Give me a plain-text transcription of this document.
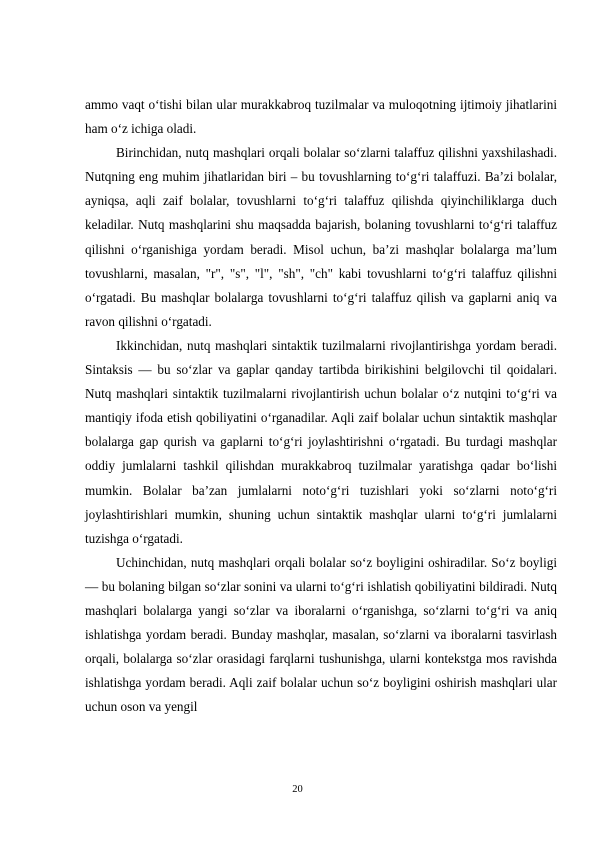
ammo vaqt o‘tishi bilan ular murakkabroq tuzilmalar va muloqotning ijtimoiy jihatlarini ham o‘z ichiga oladi.

Birinchidan, nutq mashqlari orqali bolalar so‘zlarni talaffuz qilishni yaxshilashadi. Nutqning eng muhim jihatlaridan biri – bu tovushlarning to‘g‘ri talaffuzi. Ba’zi bolalar, ayniqsa, aqli zaif bolalar, tovushlarni to‘g‘ri talaffuz qilishda qiyinchiliklarga duch keladilar. Nutq mashqlarini shu maqsadda bajarish, bolaning tovushlarni to‘g‘ri talaffuz qilishni o‘rganishiga yordam beradi. Misol uchun, ba’zi mashqlar bolalarga ma’lum tovushlarni, masalan, "r", "s", "l", "sh", "ch" kabi tovushlarni to‘g‘ri talaffuz qilishni o‘rgatadi. Bu mashqlar bolalarga tovushlarni to‘g‘ri talaffuz qilish va gaplarni aniq va ravon qilishni o‘rgatadi.

Ikkinchidan, nutq mashqlari sintaktik tuzilmalarni rivojlantirishga yordam beradi. Sintaksis — bu so‘zlar va gaplar qanday tartibda birikishini belgilovchi til qoidalari. Nutq mashqlari sintaktik tuzilmalarni rivojlantirish uchun bolalar o‘z nutqini to‘g‘ri va mantiqiy ifoda etish qobiliyatini o‘rganadilar. Aqli zaif bolalar uchun sintaktik mashqlar bolalarga gap qurish va gaplarni to‘g‘ri joylashtirishni o‘rgatadi. Bu turdagi mashqlar oddiy jumlalarni tashkil qilishdan murakkabroq tuzilmalar yaratishga qadar bo‘lishi mumkin. Bolalar ba’zan jumlalarni noto‘g‘ri tuzishlari yoki so‘zlarni noto‘g‘ri joylashtirishlari mumkin, shuning uchun sintaktik mashqlar ularni to‘g‘ri jumlalarni tuzishga o‘rgatadi.

Uchinchidan, nutq mashqlari orqali bolalar so‘z boyligini oshiradilar. So‘z boyligi — bu bolaning bilgan so‘zlar sonini va ularni to‘g‘ri ishlatish qobiliyatini bildiradi. Nutq mashqlari bolalarga yangi so‘zlar va iboralarni o‘rganishga, so‘zlarni to‘g‘ri va aniq ishlatishga yordam beradi. Bunday mashqlar, masalan, so‘zlarni va iboralarni tasvirlash orqali, bolalarga so‘zlar orasidagi farqlarni tushunishga, ularni kontekstga mos ravishda ishlatishga yordam beradi. Aqli zaif bolalar uchun so‘z boyligini oshirish mashqlari ular uchun oson va yengil

20
